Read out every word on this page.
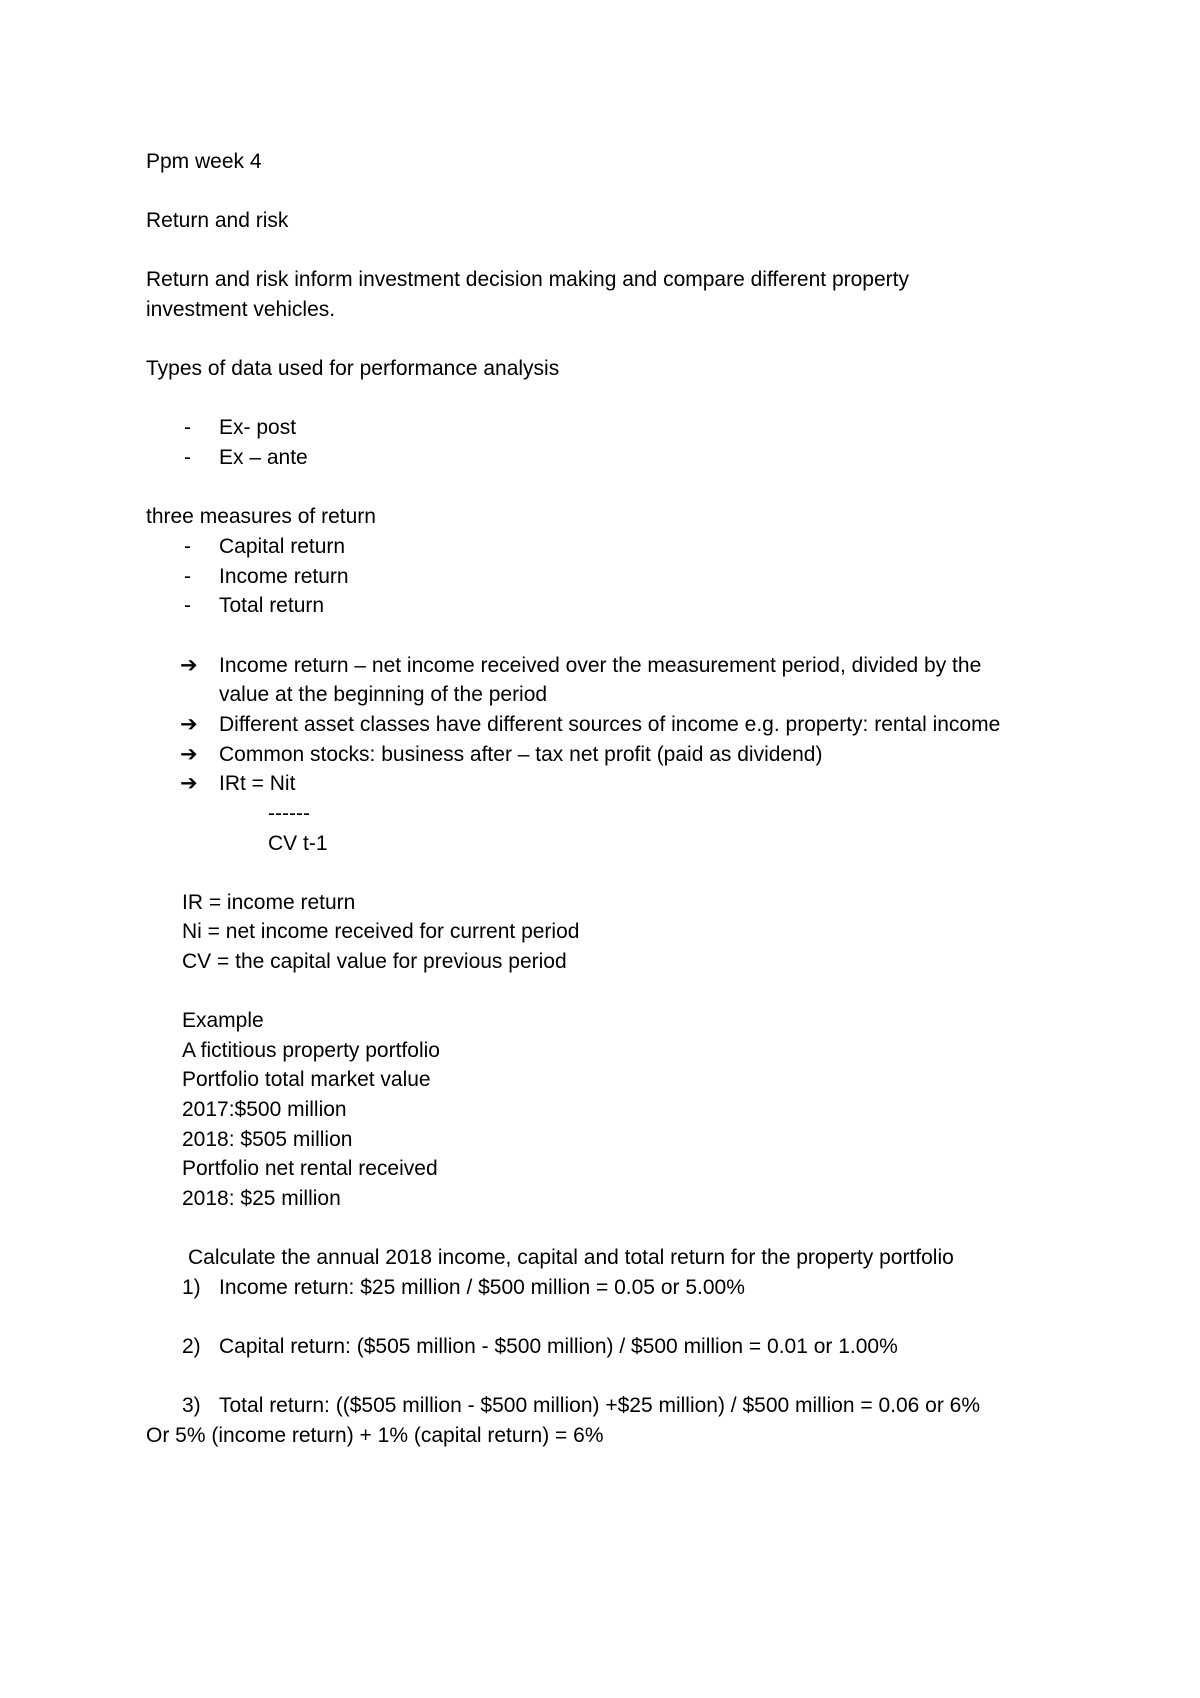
Ppm week 4
Return and risk
Return and risk inform investment decision making and compare different property
investment vehicles.
Types of data used for performance analysis
- Ex- post
- Ex – ante
three measures of return
- Capital return
- Income return
- Total return
➔ Income return – net income received over the measurement period, divided by the
value at the beginning of the period
➔ Different asset classes have different sources of income e.g. property: rental income
➔ Common stocks: business after – tax net profit (paid as dividend)
➔ IRt = Nit
------
CV t-1
IR = income return
Ni = net income received for current period
CV = the capital value for previous period
Example
A fictitious property portfolio
Portfolio total market value
2017:$500 million
2018: $505 million
Portfolio net rental received
2018: $25 million
Calculate the annual 2018 income, capital and total return for the property portfolio
1) Income return: $25 million / $500 million = 0.05 or 5.00%
2) Capital return: ($505 million - $500 million) / $500 million = 0.01 or 1.00%
3) Total return: (($505 million - $500 million) +$25 million) / $500 million = 0.06 or 6%
Or 5% (income return) + 1% (capital return) = 6%
